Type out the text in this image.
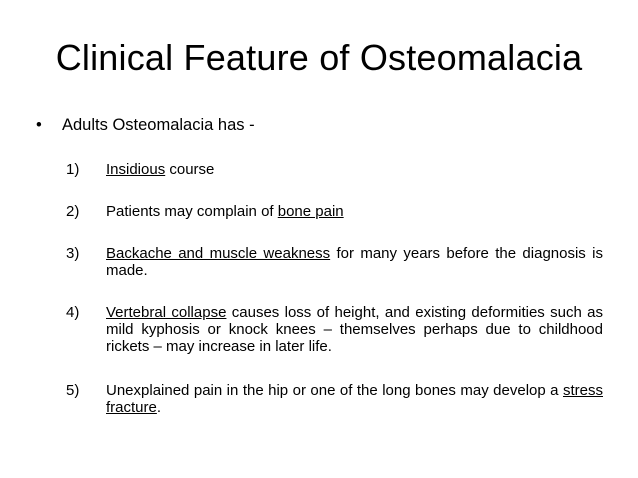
Clinical Feature of Osteomalacia
• Adults Osteomalacia has -
1)	Insidious course
2)	Patients may complain of bone pain
3)	Backache and muscle weakness for many years before the diagnosis is made.
4)	Vertebral collapse causes loss of height, and existing deformities such as mild kyphosis or knock knees – themselves perhaps due to childhood rickets – may increase in later life.
5)	Unexplained pain in the hip or one of the long bones may develop a stress fracture.
